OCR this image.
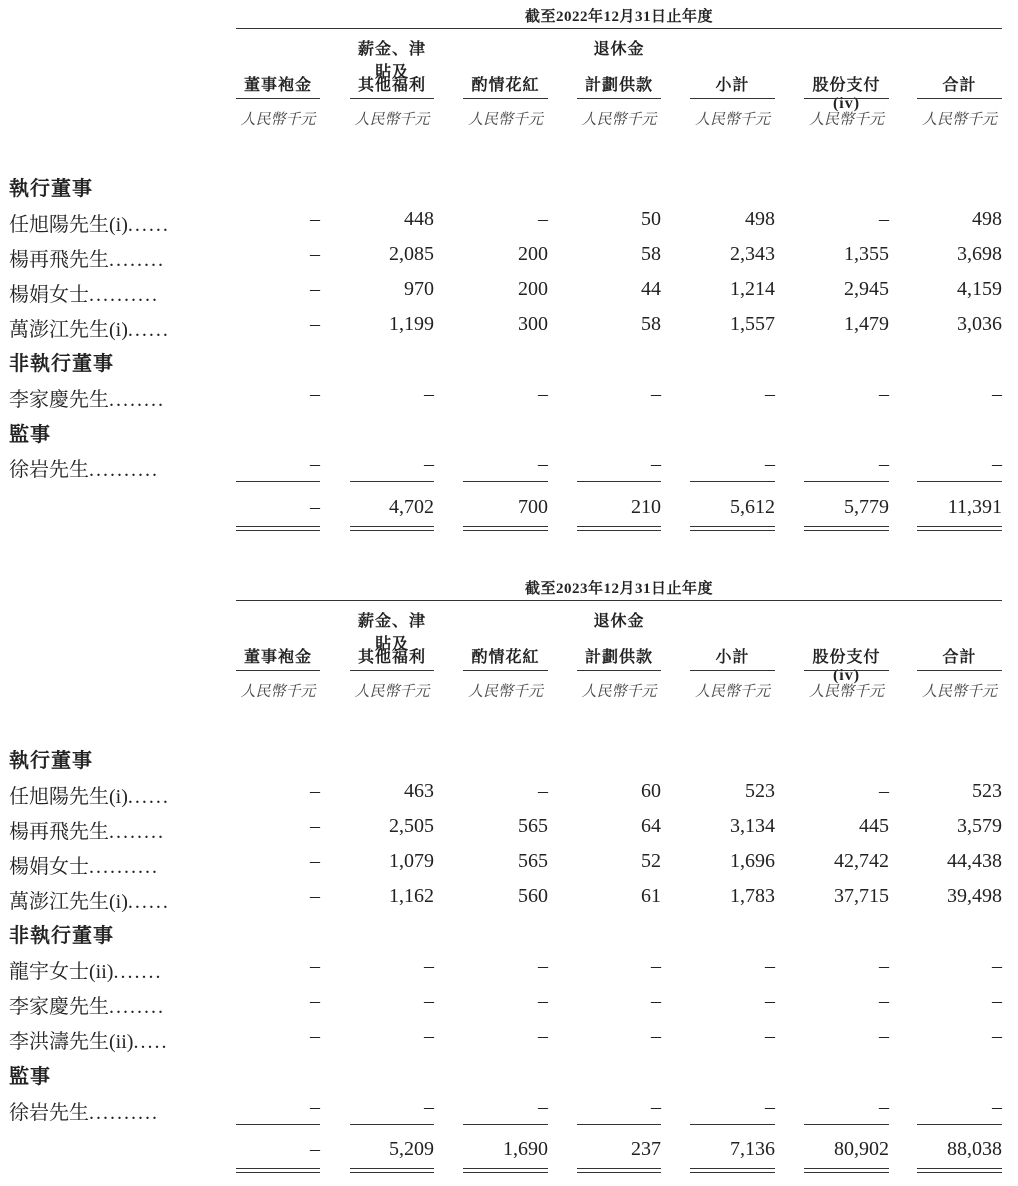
截至2022年12月31日止年度
董事袍金
人民幣千元
薪金、津貼及
其他福利
人民幣千元
酌情花紅
人民幣千元
退休金
計劃供款
人民幣千元
小計
人民幣千元
股份支付(iv)
人民幣千元
合計
人民幣千元
執行董事
非執行董事
監事
任旭陽先生(i)......	–	448	–	50	498	–	498
楊再飛先生........	–	2,085	200	58	2,343	1,355	3,698
楊娟女士..........	–	970	200	44	1,214	2,945	4,159
萬澎江先生(i)......	–	1,199	300	58	1,557	1,479	3,036
李家慶先生........	–	–	–	–	–	–	–
徐岩先生..........	–	–	–	–	–	–	–
–	4,702	700	210	5,612	5,779	11,391
截至2023年12月31日止年度
董事袍金
人民幣千元
薪金、津貼及
其他福利
人民幣千元
酌情花紅
人民幣千元
退休金
計劃供款
人民幣千元
小計
人民幣千元
股份支付(iv)
人民幣千元
合計
人民幣千元
執行董事
非執行董事
監事
任旭陽先生(i)......	–	463	–	60	523	–	523
楊再飛先生........	–	2,505	565	64	3,134	445	3,579
楊娟女士..........	–	1,079	565	52	1,696	42,742	44,438
萬澎江先生(i)......	–	1,162	560	61	1,783	37,715	39,498
龍宇女士(ii).......	–	–	–	–	–	–	–
李家慶先生........	–	–	–	–	–	–	–
李洪濤先生(ii).....	–	–	–	–	–	–	–
徐岩先生..........	–	–	–	–	–	–	–
–	5,209	1,690	237	7,136	80,902	88,038
